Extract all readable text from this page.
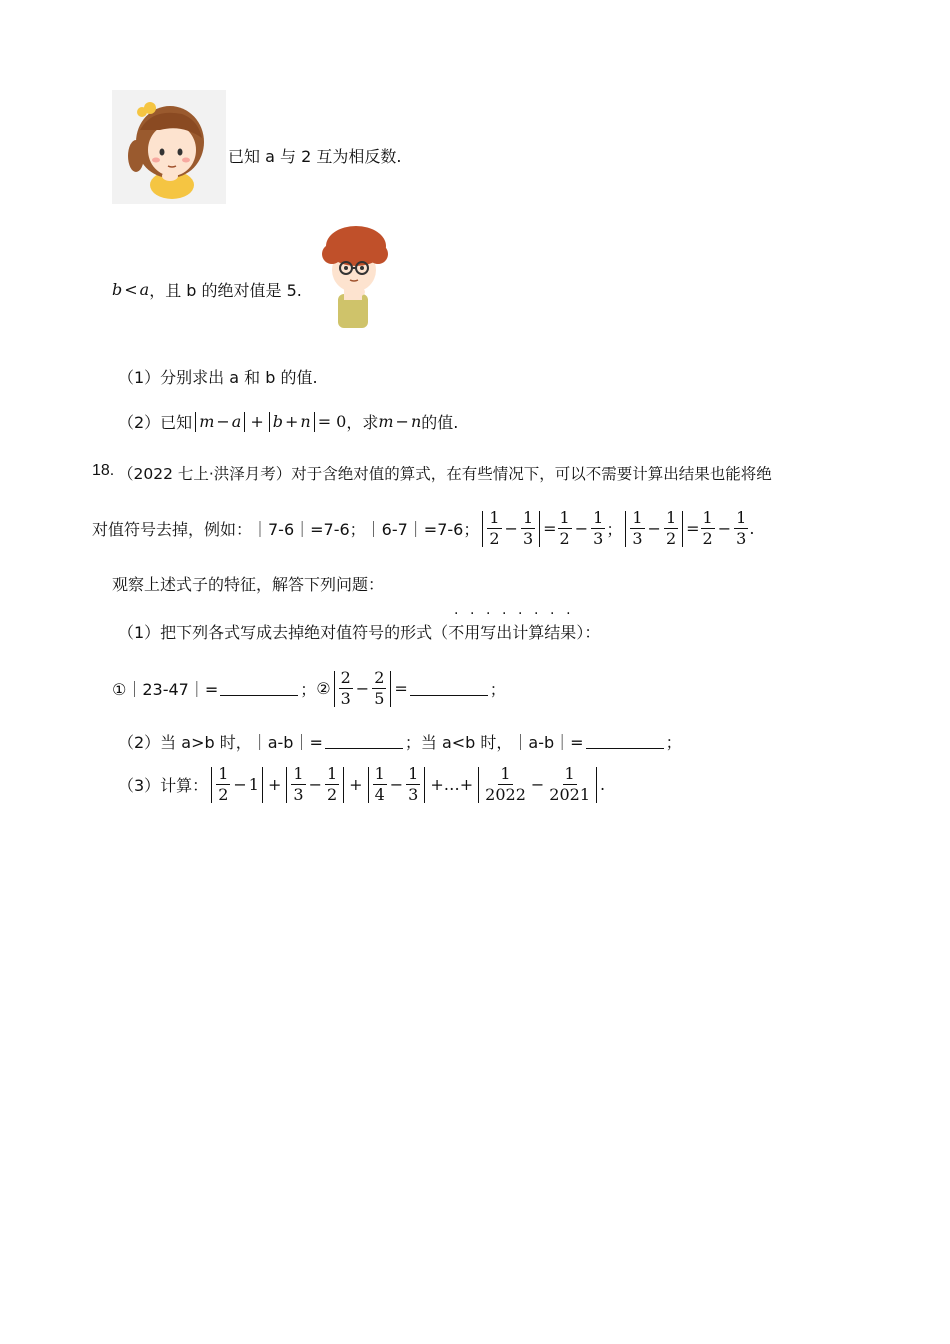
已知 a 与 2 互为相反数.
b < a ，且 b 的绝对值是 5.
（1）分别求出 a 和 b 的值.
（2）已知 m − a + b + n = 0 ，求 m − n 的值.
18. （2022 七上·洪泽月考）对于含绝对值的算式，在有些情况下，可以不需要计算出结果也能将绝
对值符号去掉，例如：｜7-6｜=7-6；｜6-7｜=7-6； $\frac{1}{2} - \frac{1}{3} = \frac{1}{2} - \frac{1}{3}$ ； $\frac{1}{3} - \frac{1}{2} = \frac{1}{2} - \frac{1}{3}$ .
观察上述式子的特征，解答下列问题：
（1）把下列各式写成去掉绝对值符号的形式（ · 不 · 用 · 写 · 出 · 计 · 算 · 结 · 果 ）：
①｜23-47｜=	； ② $\frac{2}{3} - \frac{2}{5}$ =	；
（2）当 a>b 时，｜a-b｜=	；当 a<b 时，｜a-b｜=	；
（3）计算： $\frac{1}{2} - 1 + \frac{1}{3} - \frac{1}{2} + \frac{1}{4} - \frac{1}{3}$ +…+ $\frac{1}{2022} - \frac{1}{2021}$ .
